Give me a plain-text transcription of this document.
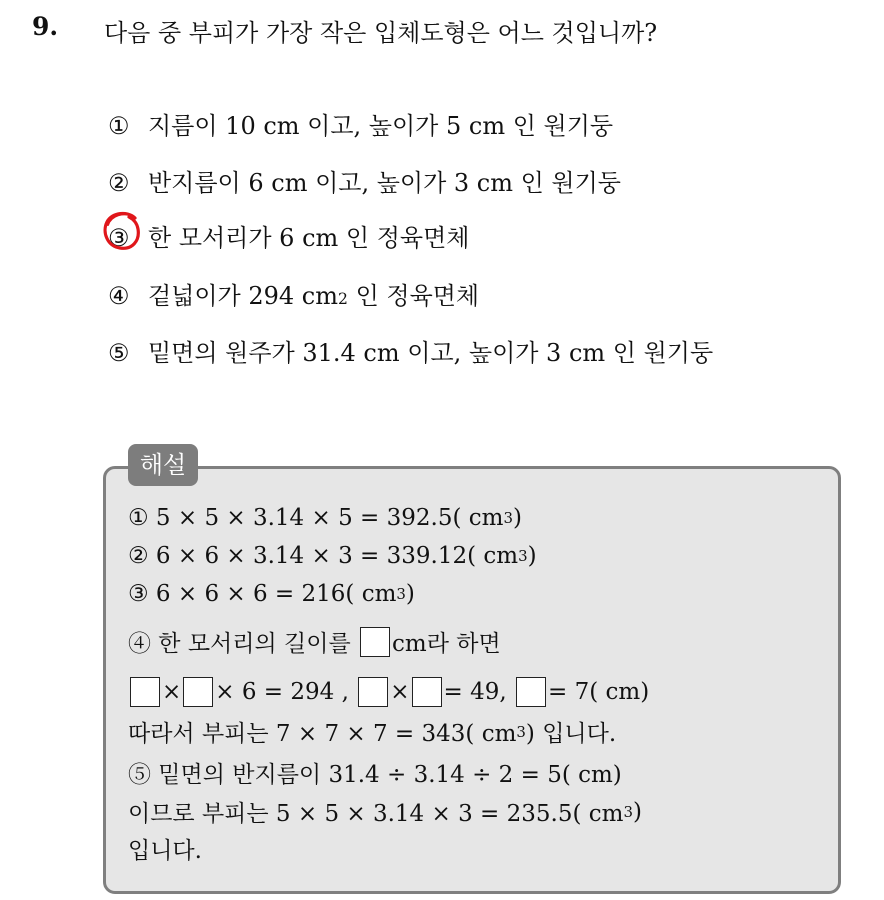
9. 다음 중 부피가 가장 작은 입체도형은 어느 것입니까?
① 지름이 10 cm 이고, 높이가 5 cm 인 원기둥
② 반지름이 6 cm 이고, 높이가 3 cm 인 원기둥
③ 한 모서리가 6 cm 인 정육면체
④ 겉넓이가 294 $cm_2$ 인 정육면체
⑤ 밑면의 원주가 31.4 cm 이고, 높이가 3 cm 인 원기둥
해설
① 5 × 5 × 3.14 × 5 = 392.5( cm 3 )
② 6 × 6 × 3.14 × 3 = 339.12( cm 3 )
③ 6 × 6 × 6 = 216( cm 3 )
④ 한 모서리의 길이를 cm라 하면
× × 6 = 294 , × = 49, = 7( cm)
따라서 부피는 7 × 7 × 7 = 343( cm 3 ) 입니다.
⑤ 밑면의 반지름이 31.4 ÷ 3.14 ÷ 2 = 5( cm)
이므로 부피는 5 × 5 × 3.14 × 3 = 235.5( cm 3 )
입니다.
